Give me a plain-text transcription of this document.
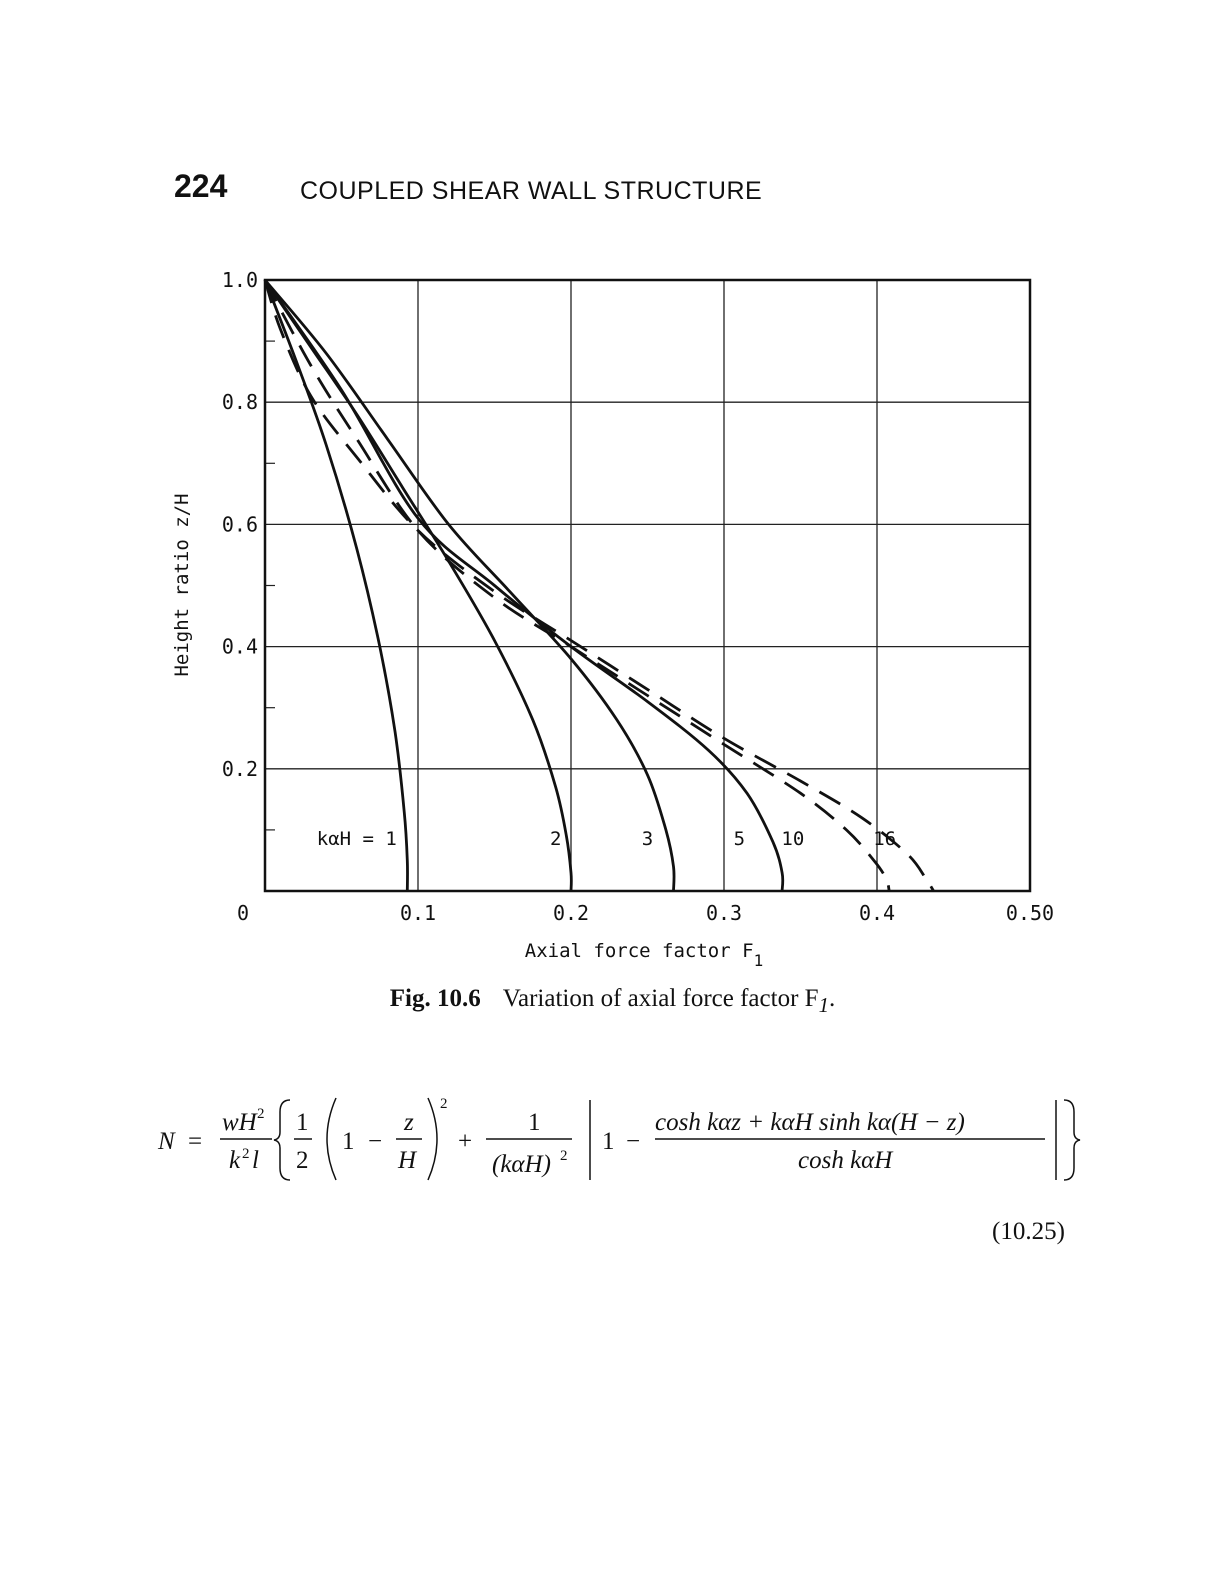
224	COUPLED SHEAR WALL STRUCTURE
0.2
0.4
0.6
0.8
1.0
0	0.1	0.2	0.3	0.4	0.50
kαH = 1	2	3	5 10	16
Height ratio z/H
Axial force factor $F_1$
Fig. 10.6 Variation of axial force factor $F_1$.
N =
wH 2
k 2 l
1
2
1 −
z
H
2
+
1
(kαH) 2
1 −
cosh kαz + kαH sinh kα(H − z)
cosh kαH
(10.25)
